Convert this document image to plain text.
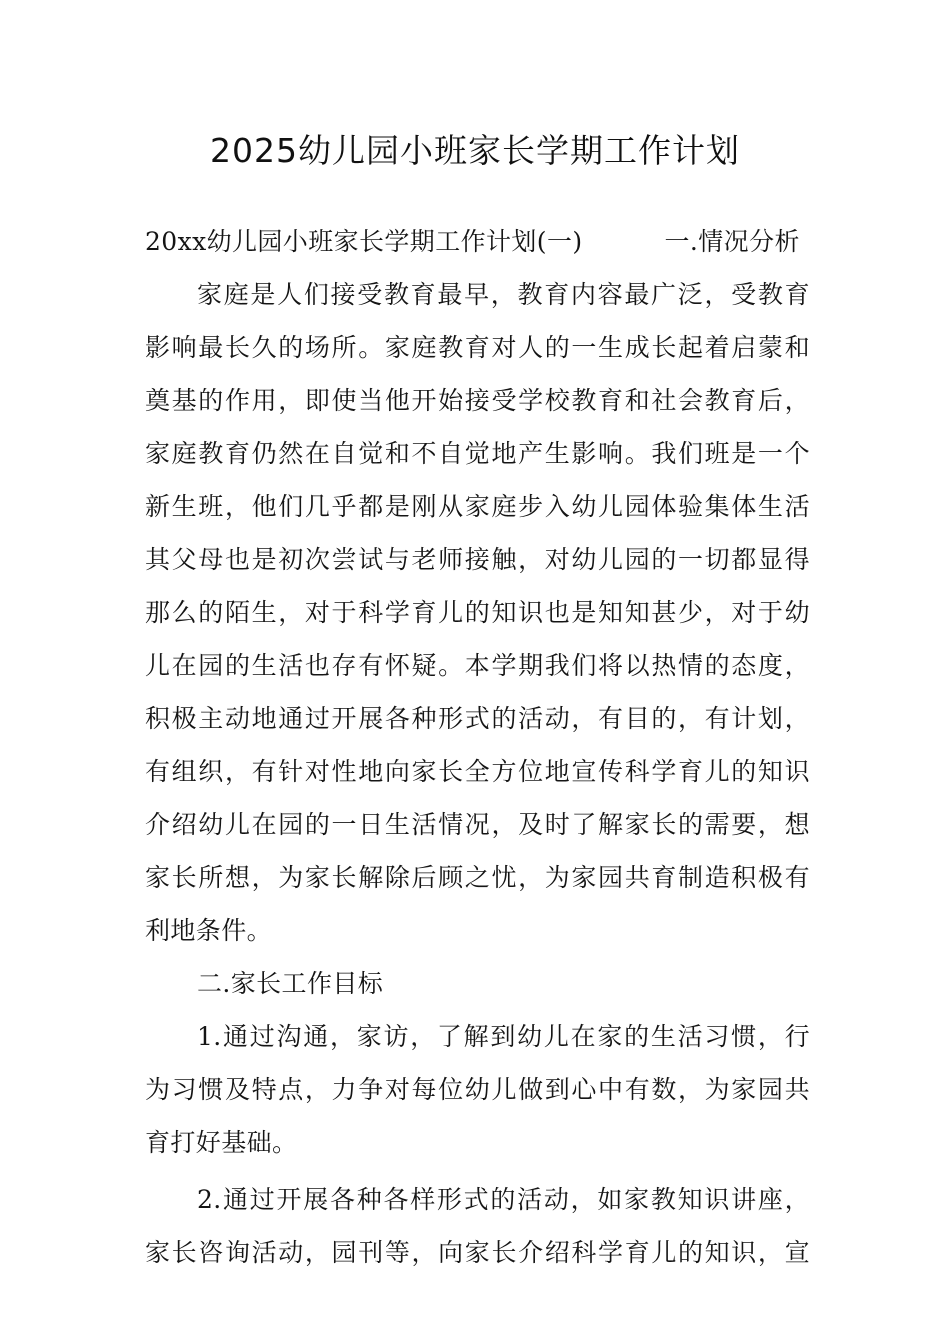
2025幼儿园小班家长学期工作计划
20xx幼儿园小班家长学期工作计划(一)	一.情况分析
家庭是人们接受教育最早，教育内容最广泛，受教育
影响最长久的场所。家庭教育对人的一生成长起着启蒙和
奠基的作用，即使当他开始接受学校教育和社会教育后，
家庭教育仍然在自觉和不自觉地产生影响。我们班是一个
新生班，他们几乎都是刚从家庭步入幼儿园体验集体生活
其父母也是初次尝试与老师接触，对幼儿园的一切都显得
那么的陌生，对于科学育儿的知识也是知知甚少，对于幼
儿在园的生活也存有怀疑。本学期我们将以热情的态度，
积极主动地通过开展各种形式的活动，有目的，有计划，
有组织，有针对性地向家长全方位地宣传科学育儿的知识
介绍幼儿在园的一日生活情况，及时了解家长的需要，想
家长所想，为家长解除后顾之忧，为家园共育制造积极有
利地条件。
二.家长工作目标
1.通过沟通，家访，了解到幼儿在家的生活习惯，行
为习惯及特点，力争对每位幼儿做到心中有数，为家园共
育打好基础。
2.通过开展各种各样形式的活动，如家教知识讲座，
家长咨询活动，园刊等，向家长介绍科学育儿的知识，宣
